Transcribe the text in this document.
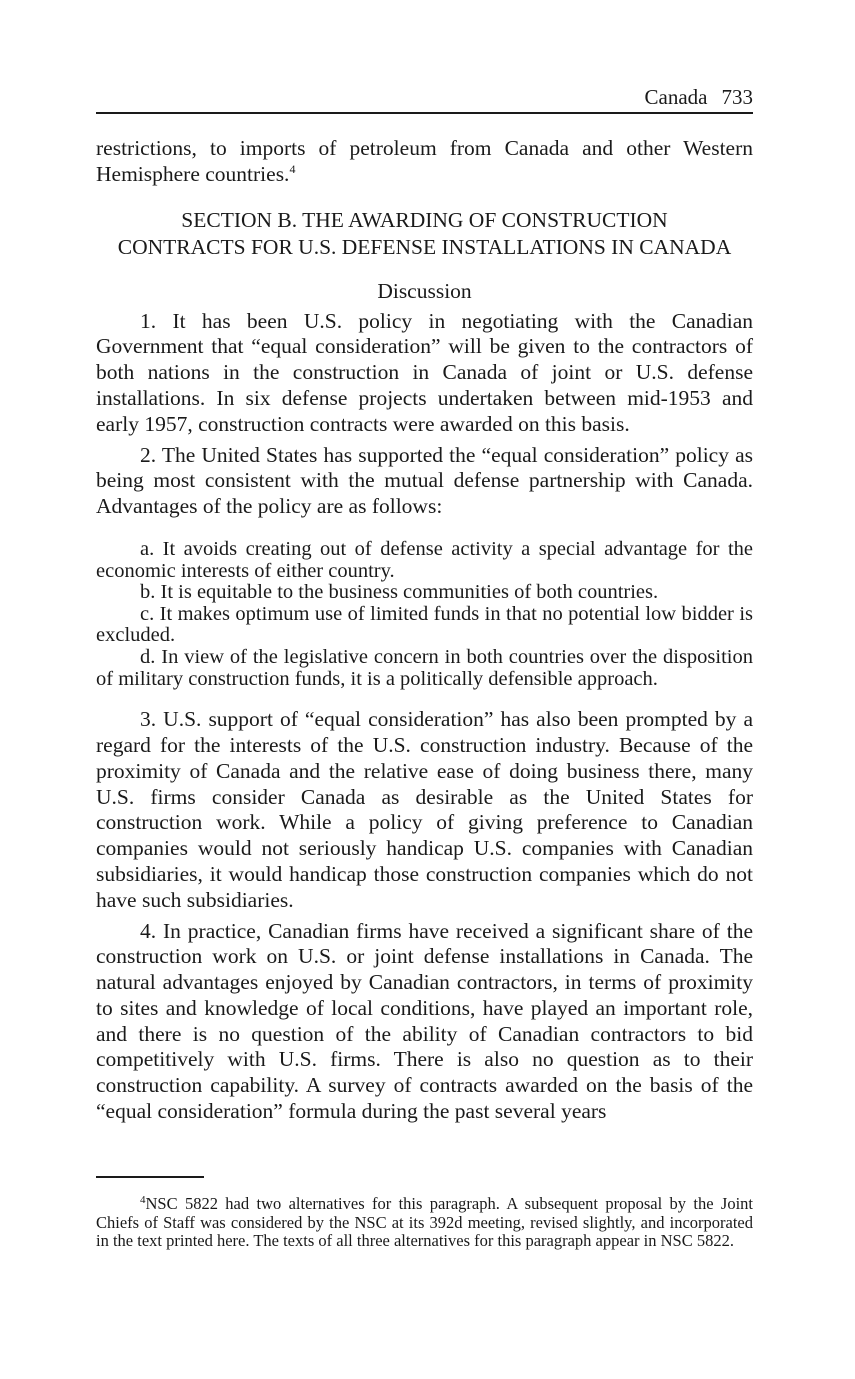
Canada 733

restrictions, to imports of petroleum from Canada and other Western Hemisphere countries.$^4$

SECTION B. THE AWARDING OF CONSTRUCTION
CONTRACTS FOR U.S. DEFENSE INSTALLATIONS IN CANADA

Discussion

1. It has been U.S. policy in negotiating with the Canadian Government that “equal consideration” will be given to the contractors of both nations in the construction in Canada of joint or U.S. defense installations. In six defense projects undertaken between mid-1953 and early 1957, construction contracts were awarded on this basis.

2. The United States has supported the “equal consideration” policy as being most consistent with the mutual defense partnership with Canada. Advantages of the policy are as follows:

a. It avoids creating out of defense activity a special advantage for the economic interests of either country.

b. It is equitable to the business communities of both countries.

c. It makes optimum use of limited funds in that no potential low bidder is excluded.

d. In view of the legislative concern in both countries over the disposition of military construction funds, it is a politically defensible approach.

3. U.S. support of “equal consideration” has also been prompted by a regard for the interests of the U.S. construction industry. Because of the proximity of Canada and the relative ease of doing business there, many U.S. firms consider Canada as desirable as the United States for construction work. While a policy of giving preference to Canadian companies would not seriously handicap U.S. companies with Canadian subsidiaries, it would handicap those construction companies which do not have such subsidiaries.

4. In practice, Canadian firms have received a significant share of the construction work on U.S. or joint defense installations in Canada. The natural advantages enjoyed by Canadian contractors, in terms of proximity to sites and knowledge of local conditions, have played an important role, and there is no question of the ability of Canadian contractors to bid competitively with U.S. firms. There is also no question as to their construction capability. A survey of contracts awarded on the basis of the “equal consideration” formula during the past several years

$^4$NSC 5822 had two alternatives for this paragraph. A subsequent proposal by the Joint Chiefs of Staff was considered by the NSC at its 392d meeting, revised slightly, and incorporated in the text printed here. The texts of all three alternatives for this paragraph appear in NSC 5822.
